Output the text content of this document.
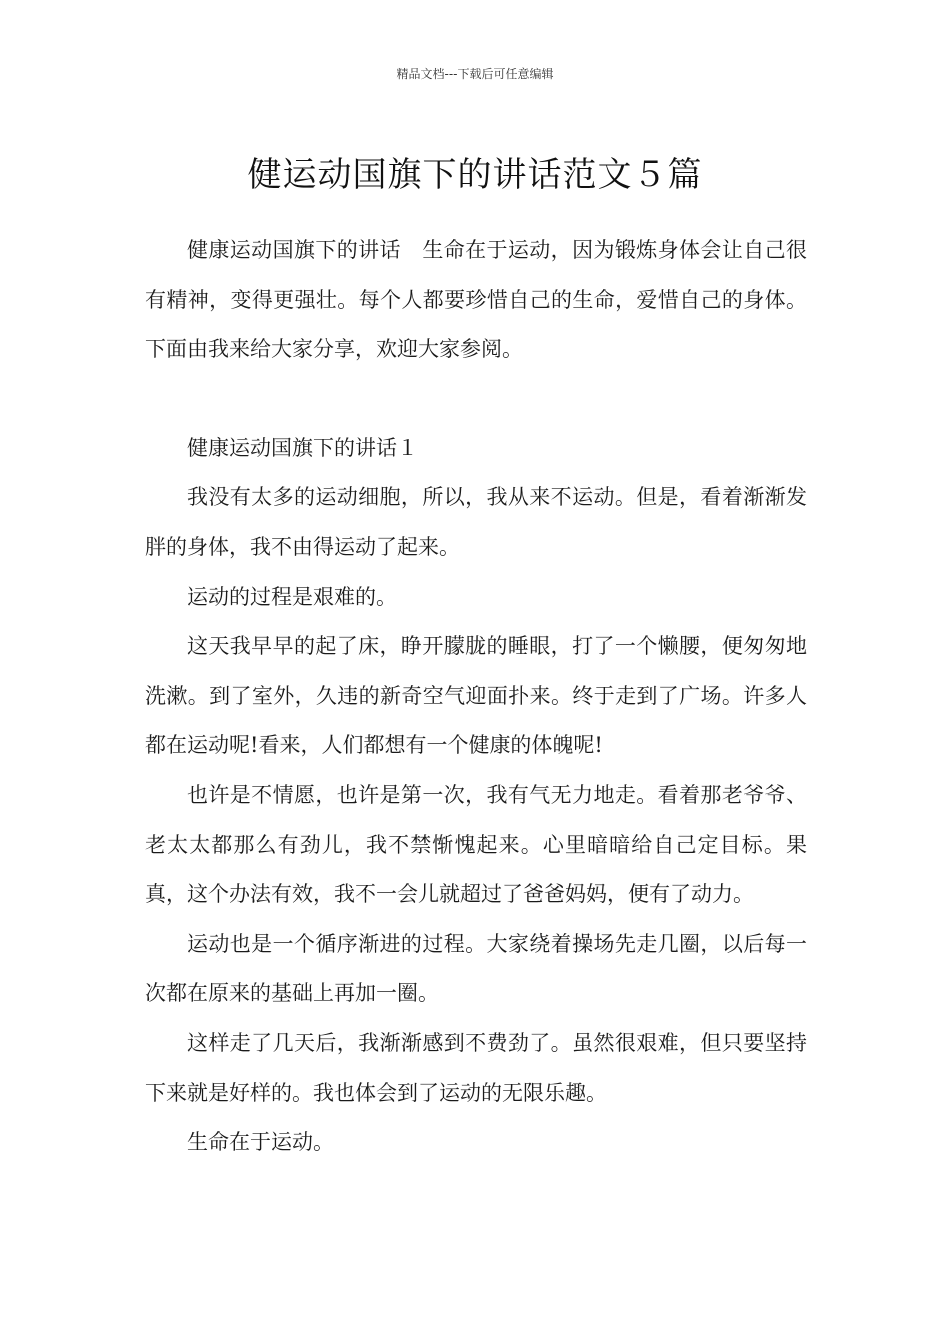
精品文档---下载后可任意编辑
健运动国旗下的讲话范文５篇

健康运动国旗下的讲话　生命在于运动，因为锻炼身体会让自己很有精神，变得更强壮。每个人都要珍惜自己的生命，爱惜自己的身体。下面由我来给大家分享，欢迎大家参阅。

健康运动国旗下的讲话１

我没有太多的运动细胞，所以，我从来不运动。但是，看着渐渐发胖的身体，我不由得运动了起来。

运动的过程是艰难的。

这天我早早的起了床，睁开朦胧的睡眼，打了一个懒腰，便匆匆地洗漱。到了室外，久违的新奇空气迎面扑来。终于走到了广场。许多人都在运动呢!看来，人们都想有一个健康的体魄呢!

也许是不情愿，也许是第一次，我有气无力地走。看着那老爷爷、老太太都那么有劲儿，我不禁惭愧起来。心里暗暗给自己定目标。果真，这个办法有效，我不一会儿就超过了爸爸妈妈，便有了动力。

运动也是一个循序渐进的过程。大家绕着操场先走几圈，以后每一次都在原来的基础上再加一圈。

这样走了几天后，我渐渐感到不费劲了。虽然很艰难，但只要坚持下来就是好样的。我也体会到了运动的无限乐趣。

生命在于运动。
